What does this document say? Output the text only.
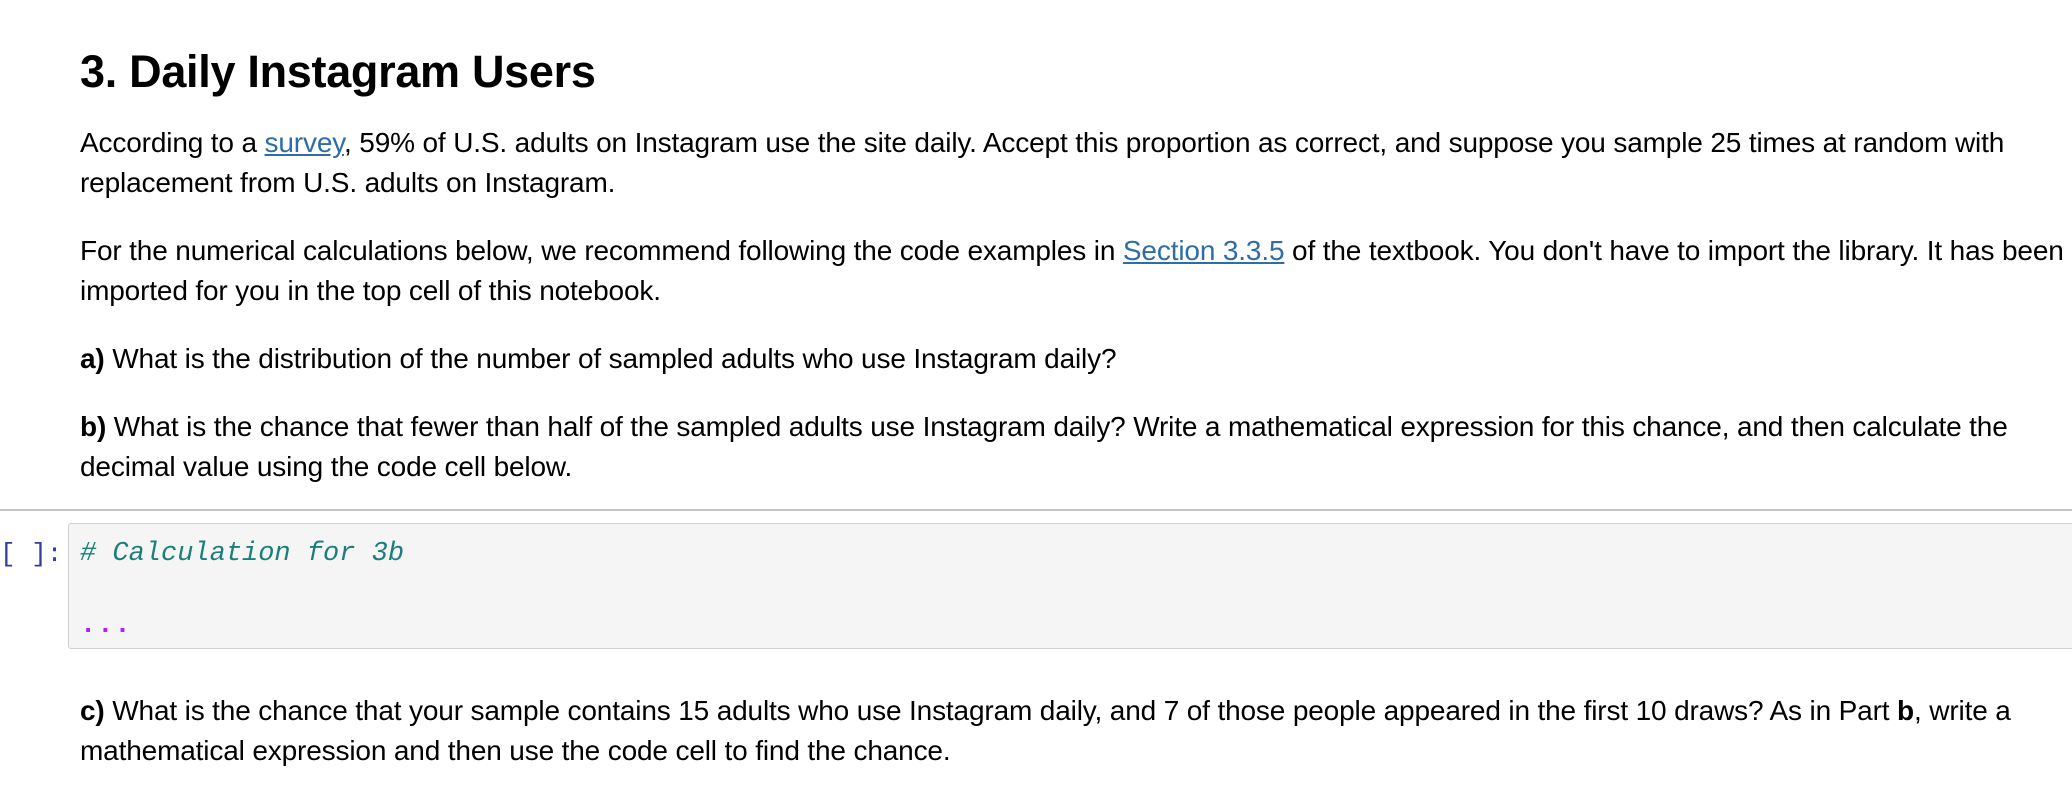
3. Daily Instagram Users

According to a survey, 59% of U.S. adults on Instagram use the site daily. Accept this proportion as correct, and suppose you sample 25 times at random with replacement from U.S. adults on Instagram.

For the numerical calculations below, we recommend following the code examples in Section 3.3.5 of the textbook. You don't have to import the library. It has been imported for you in the top cell of this notebook.

a) What is the distribution of the number of sampled adults who use Instagram daily?

b) What is the chance that fewer than half of the sampled adults use Instagram daily? Write a mathematical expression for this chance, and then calculate the decimal value using the code cell below.

[ ]: # Calculation for 3b
...

c) What is the chance that your sample contains 15 adults who use Instagram daily, and 7 of those people appeared in the first 10 draws? As in Part b, write a mathematical expression and then use the code cell to find the chance.
